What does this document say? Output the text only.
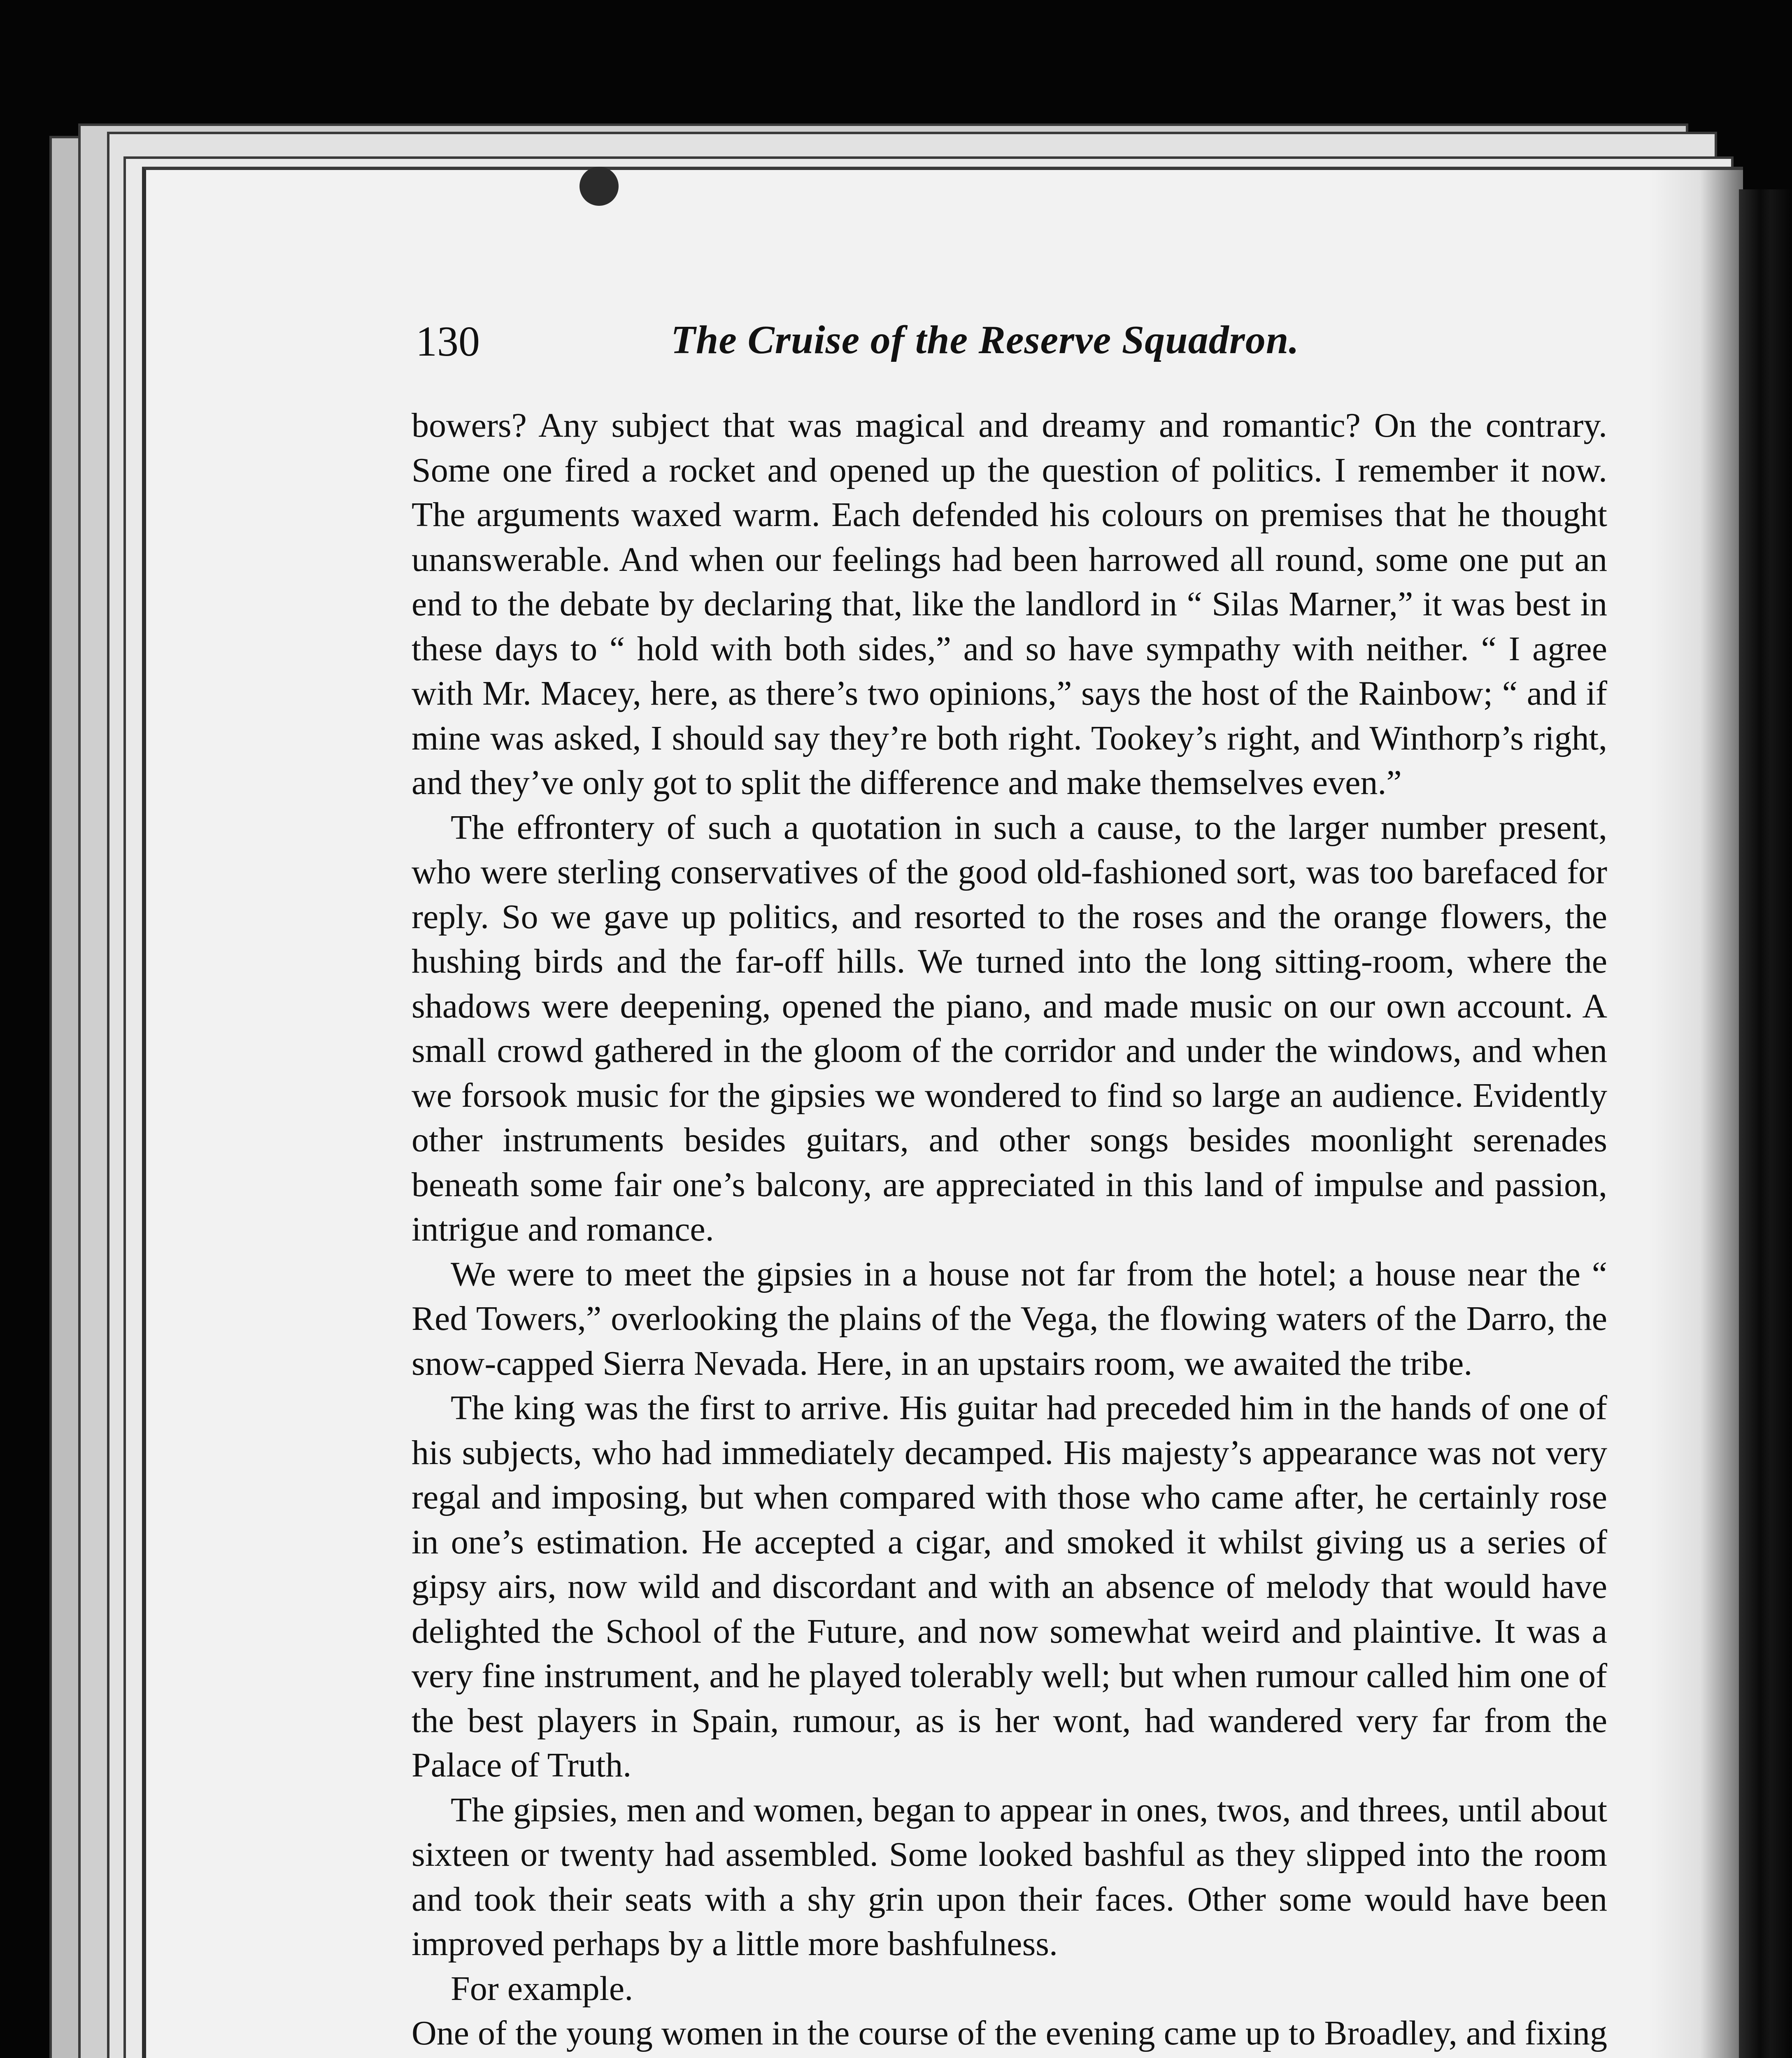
130	The Cruise of the Reserve Squadron.

bowers? Any subject that was magical and dreamy and romantic? On the contrary. Some one fired a rocket and opened up the question of politics. I remember it now. The arguments waxed warm. Each defended his colours on premises that he thought unanswerable. And when our feelings had been harrowed all round, some one put an end to the debate by declaring that, like the landlord in “ Silas Marner,” it was best in these days to “ hold with both sides,” and so have sympathy with neither. “ I agree with Mr. Macey, here, as there’s two opinions,” says the host of the Rainbow; “ and if mine was asked, I should say they’re both right. Tookey’s right, and Winthorp’s right, and they’ve only got to split the difference and make themselves even.”

The effrontery of such a quotation in such a cause, to the larger number present, who were sterling conservatives of the good old-fashioned sort, was too barefaced for reply. So we gave up politics, and resorted to the roses and the orange flowers, the hushing birds and the far-off hills. We turned into the long sitting-room, where the shadows were deepening, opened the piano, and made music on our own account. A small crowd gathered in the gloom of the corridor and under the windows, and when we forsook music for the gipsies we wondered to find so large an audience. Evidently other instruments besides guitars, and other songs besides moonlight serenades beneath some fair one’s balcony, are appreciated in this land of impulse and passion, intrigue and romance.

We were to meet the gipsies in a house not far from the hotel; a house near the “ Red Towers,” overlooking the plains of the Vega, the flowing waters of the Darro, the snow-capped Sierra Nevada. Here, in an upstairs room, we awaited the tribe.

The king was the first to arrive. His guitar had preceded him in the hands of one of his subjects, who had immediately decamped. His majesty’s appearance was not very regal and imposing, but when compared with those who came after, he certainly rose in one’s estimation. He accepted a cigar, and smoked it whilst giving us a series of gipsy airs, now wild and discordant and with an absence of melody that would have delighted the School of the Future, and now somewhat weird and plaintive. It was a very fine instrument, and he played tolerably well; but when rumour called him one of the best players in Spain, rumour, as is her wont, had wandered very far from the Palace of Truth.

The gipsies, men and women, began to appear in ones, twos, and threes, until about sixteen or twenty had assembled. Some looked bashful as they slipped into the room and took their seats with a shy grin upon their faces. Other some would have been improved perhaps by a little more bashfulness.

For example.

One of the young women in the course of the evening came up to Broadley, and fixing
